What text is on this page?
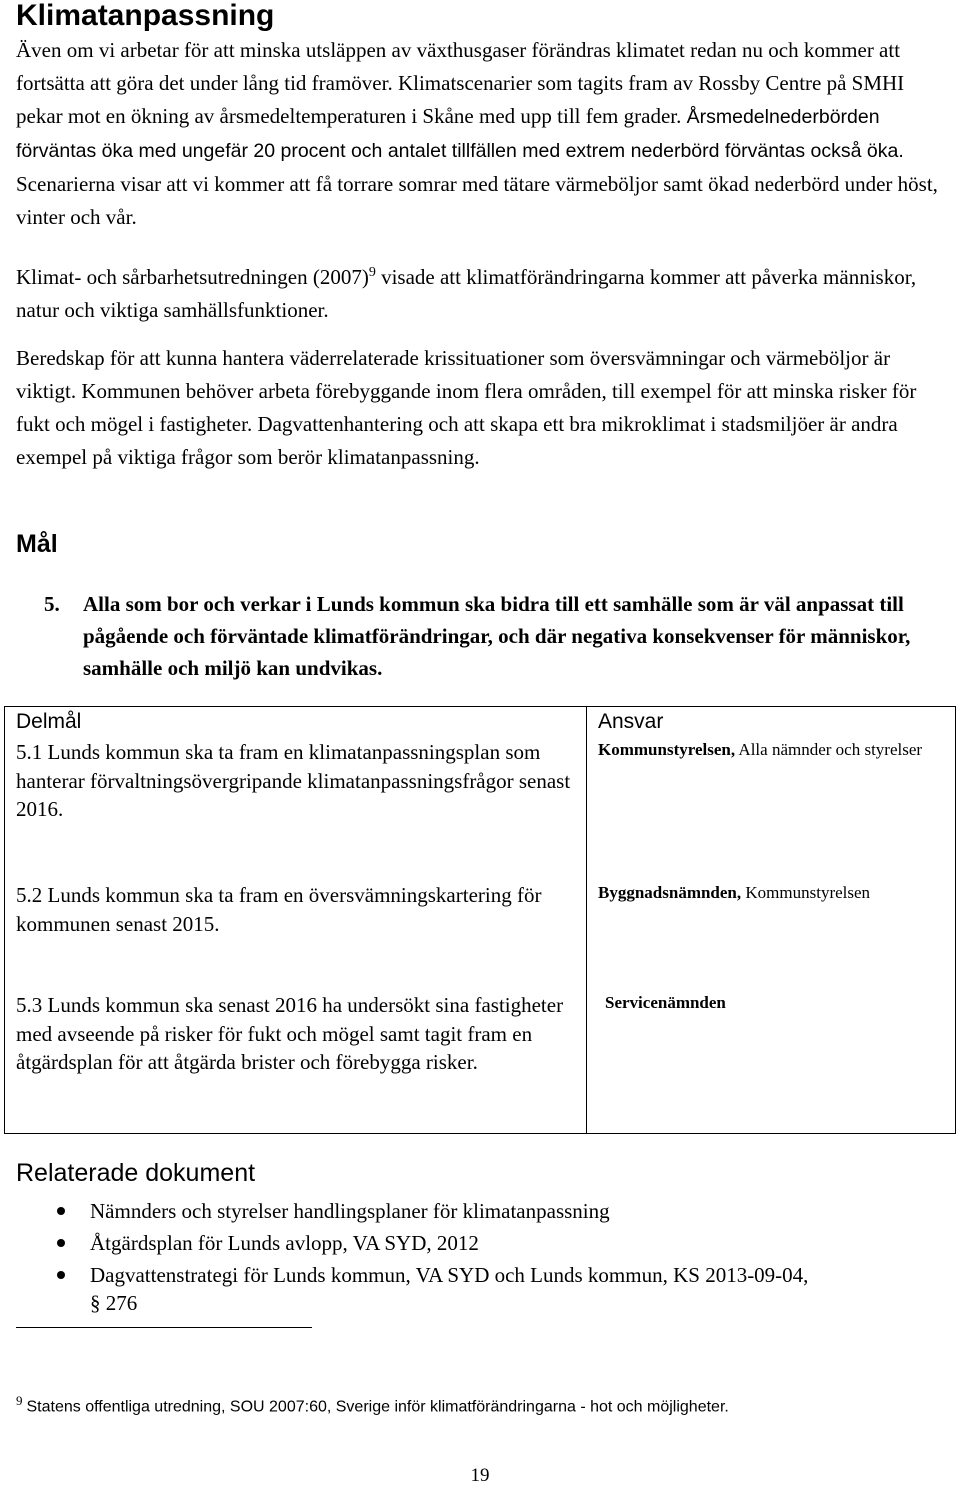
Klimatanpassning

Även om vi arbetar för att minska utsläppen av växthusgaser förändras klimatet redan nu och kommer att fortsätta att göra det under lång tid framöver. Klimatscenarier som tagits fram av Rossby Centre på SMHI pekar mot en ökning av årsmedeltemperaturen i Skåne med upp till fem grader. Årsmedelnederbörden förväntas öka med ungefär 20 procent och antalet tillfällen med extrem nederbörd förväntas också öka. Scenarierna visar att vi kommer att få torrare somrar med tätare värmeböljor samt ökad nederbörd under höst, vinter och vår.

Klimat- och sårbarhetsutredningen $(2007)^9$ visade att klimatförändringarna kommer att påverka människor, natur och viktiga samhällsfunktioner.

Beredskap för att kunna hantera väderrelaterade krissituationer som översvämningar och värmeböljor är viktigt. Kommunen behöver arbeta förebyggande inom flera områden, till exempel för att minska risker för fukt och mögel i fastigheter. Dagvattenhantering och att skapa ett bra mikroklimat i stadsmiljöer är andra exempel på viktiga frågor som berör klimatanpassning.

Mål
5. Alla som bor och verkar i Lunds kommun ska bidra till ett samhälle som är väl anpassat till pågående och förväntade klimatförändringar, och där negativa konsekvenser för människor, samhälle och miljö kan undvikas.

Delmål	Ansvar

5.1 Lunds kommun ska ta fram en klimatanpassningsplan som hanterar förvaltningsövergripande klimatanpassningsfrågor senast 2016.

Kommunstyrelsen, Alla nämnder och styrelser

5.2 Lunds kommun ska ta fram en översvämningskartering för kommunen senast 2015.

Byggnadsnämnden, Kommunstyrelsen

5.3 Lunds kommun ska senast 2016 ha undersökt sina fastigheter med avseende på risker för fukt och mögel samt tagit fram en åtgärdsplan för att åtgärda brister och förebygga risker.

Servicenämnden

Relaterade dokument
Nämnders och styrelser handlingsplaner för klimatanpassning
Åtgärdsplan för Lunds avlopp, VA SYD, 2012
Dagvattenstrategi för Lunds kommun, VA SYD och Lunds kommun, KS 2013-09-04,
§ 276
$^9$ Statens offentliga utredning, SOU 2007:60, Sverige inför klimatförändringarna - hot och möjligheter.
19
